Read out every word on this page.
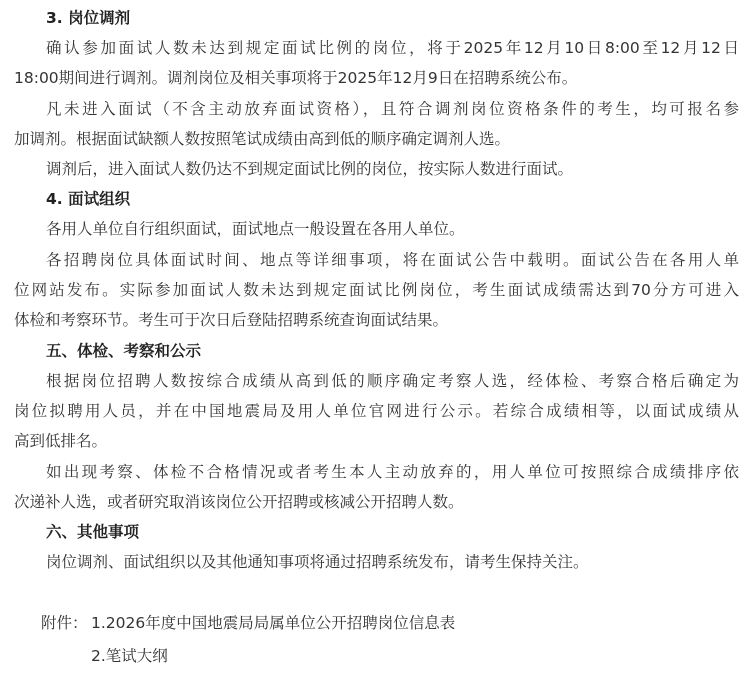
3. 岗位调剂
确认参加面试人数未达到规定面试比例的岗位，将于2025年12月10日8:00至12月12日
18:00期间进行调剂。调剂岗位及相关事项将于2025年12月9日在招聘系统公布。
凡未进入面试（不含主动放弃面试资格），且符合调剂岗位资格条件的考生，均可报名参
加调剂。根据面试缺额人数按照笔试成绩由高到低的顺序确定调剂人选。
调剂后，进入面试人数仍达不到规定面试比例的岗位，按实际人数进行面试。
4. 面试组织
各用人单位自行组织面试，面试地点一般设置在各用人单位。
各招聘岗位具体面试时间、地点等详细事项，将在面试公告中载明。面试公告在各用人单
位网站发布。实际参加面试人数未达到规定面试比例岗位，考生面试成绩需达到70分方可进入
体检和考察环节。考生可于次日后登陆招聘系统查询面试结果。
五、体检、考察和公示
根据岗位招聘人数按综合成绩从高到低的顺序确定考察人选，经体检、考察合格后确定为
岗位拟聘用人员，并在中国地震局及用人单位官网进行公示。若综合成绩相等，以面试成绩从
高到低排名。
如出现考察、体检不合格情况或者考生本人主动放弃的，用人单位可按照综合成绩排序依
次递补人选，或者研究取消该岗位公开招聘或核减公开招聘人数。
六、其他事项
岗位调剂、面试组织以及其他通知事项将通过招聘系统发布，请考生保持关注。
附件： 1.2026年度中国地震局局属单位公开招聘岗位信息表
2.笔试大纲
